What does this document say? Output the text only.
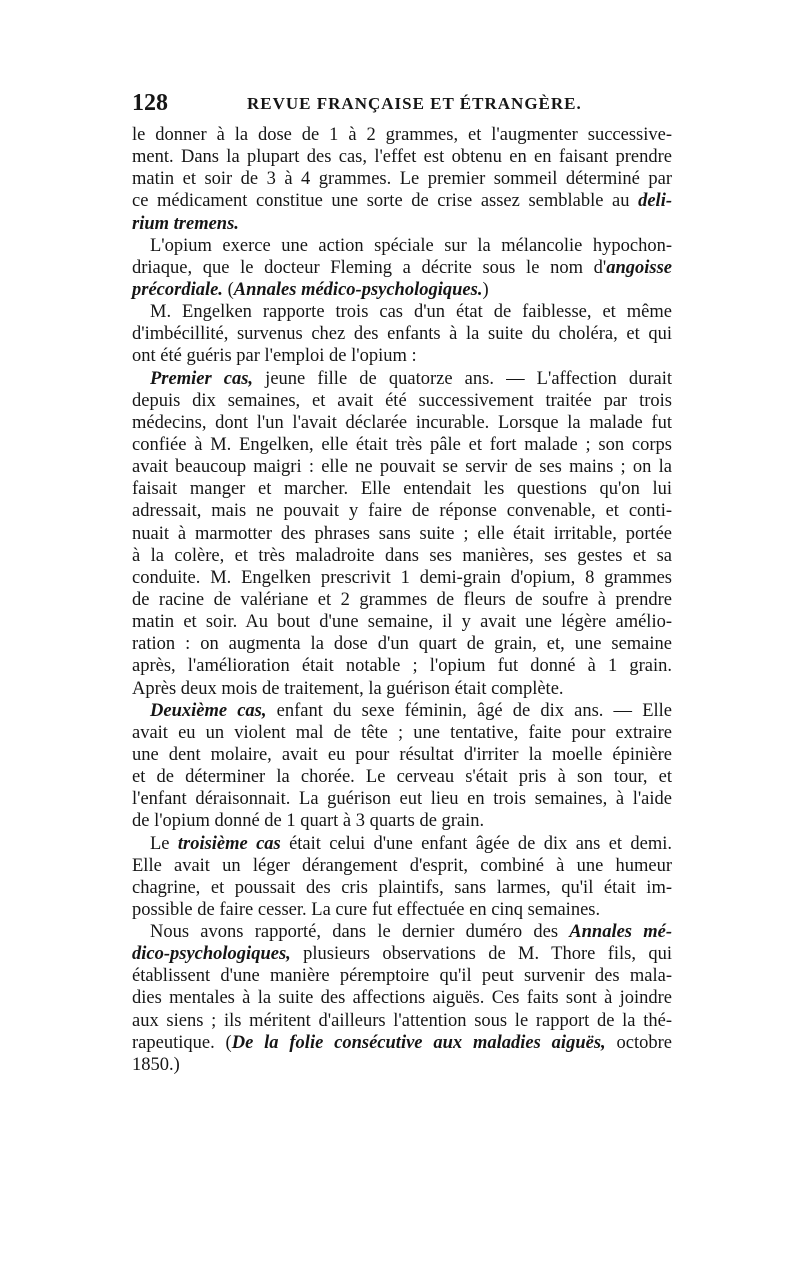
128	REVUE FRANÇAISE ET ÉTRANGÈRE.
le donner à la dose de 1 à 2 grammes, et l'augmenter successive-
ment. Dans la plupart des cas, l'effet est obtenu en en faisant prendre
matin et soir de 3 à 4 grammes. Le premier sommeil déterminé par
ce médicament constitue une sorte de crise assez semblable au deli-
rium tremens.
L'opium exerce une action spéciale sur la mélancolie hypochon-
driaque, que le docteur Fleming a décrite sous le nom d'angoisse
précordiale. (Annales médico-psychologiques.)
M. Engelken rapporte trois cas d'un état de faiblesse, et même
d'imbécillité, survenus chez des enfants à la suite du choléra, et qui
ont été guéris par l'emploi de l'opium :
Premier cas, jeune fille de quatorze ans. — L'affection durait
depuis dix semaines, et avait été successivement traitée par trois
médecins, dont l'un l'avait déclarée incurable. Lorsque la malade fut
confiée à M. Engelken, elle était très pâle et fort malade ; son corps
avait beaucoup maigri : elle ne pouvait se servir de ses mains ; on la
faisait manger et marcher. Elle entendait les questions qu'on lui
adressait, mais ne pouvait y faire de réponse convenable, et conti-
nuait à marmotter des phrases sans suite ; elle était irritable, portée
à la colère, et très maladroite dans ses manières, ses gestes et sa
conduite. M. Engelken prescrivit 1 demi-grain d'opium, 8 grammes
de racine de valériane et 2 grammes de fleurs de soufre à prendre
matin et soir. Au bout d'une semaine, il y avait une légère amélio-
ration : on augmenta la dose d'un quart de grain, et, une semaine
après, l'amélioration était notable ; l'opium fut donné à 1 grain.
Après deux mois de traitement, la guérison était complète.
Deuxième cas, enfant du sexe féminin, âgé de dix ans. — Elle
avait eu un violent mal de tête ; une tentative, faite pour extraire
une dent molaire, avait eu pour résultat d'irriter la moelle épinière
et de déterminer la chorée. Le cerveau s'était pris à son tour, et
l'enfant déraisonnait. La guérison eut lieu en trois semaines, à l'aide
de l'opium donné de 1 quart à 3 quarts de grain.
Le troisième cas était celui d'une enfant âgée de dix ans et demi.
Elle avait un léger dérangement d'esprit, combiné à une humeur
chagrine, et poussait des cris plaintifs, sans larmes, qu'il était im-
possible de faire cesser. La cure fut effectuée en cinq semaines.
Nous avons rapporté, dans le dernier duméro des Annales mé-
dico-psychologiques, plusieurs observations de M. Thore fils, qui
établissent d'une manière péremptoire qu'il peut survenir des mala-
dies mentales à la suite des affections aiguës. Ces faits sont à joindre
aux siens ; ils méritent d'ailleurs l'attention sous le rapport de la thé-
rapeutique. (De la folie consécutive aux maladies aiguës, octobre
1850.)
